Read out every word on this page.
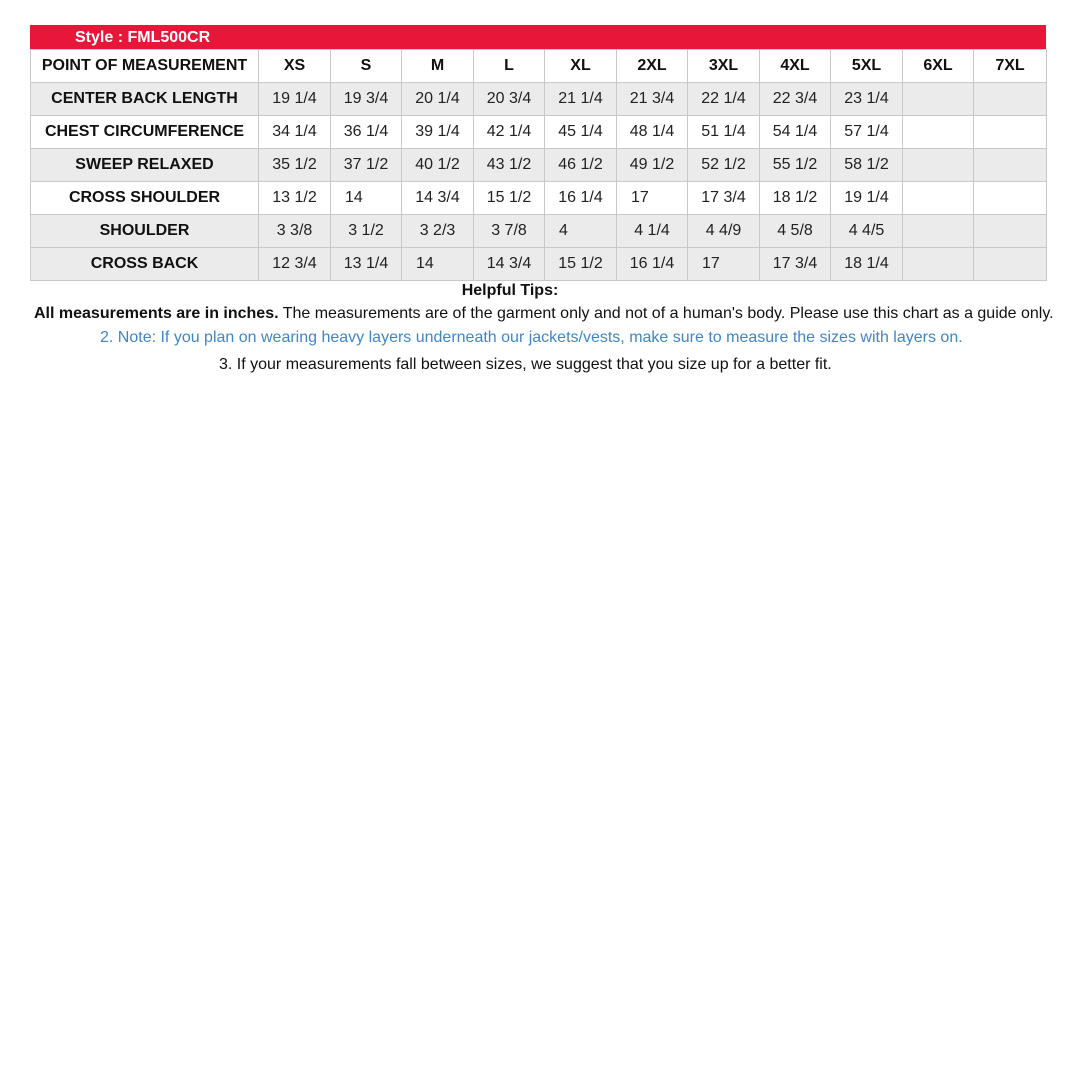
Style : FML500CR
POINT OF MEASUREMENT	XS	S	M	L	XL	2XL	3XL	4XL	5XL	6XL	7XL
CENTER BACK LENGTH	19 1/4	19 3/4	20 1/4	20 3/4	21 1/4	21 3/4	22 1/4	22 3/4	23 1/4		
CHEST CIRCUMFERENCE	34 1/4	36 1/4	39 1/4	42 1/4	45 1/4	48 1/4	51 1/4	54 1/4	57 1/4		
SWEEP RELAXED	35 1/2	37 1/2	40 1/2	43 1/2	46 1/2	49 1/2	52 1/2	55 1/2	58 1/2		
CROSS SHOULDER	13 1/2	14	14 3/4	15 1/2	16 1/4	17	17 3/4	18 1/2	19 1/4		
SHOULDER	3 3/8	3 1/2	3 2/3	3 7/8	4	4 1/4	4 4/9	4 5/8	4 4/5		
CROSS BACK	12 3/4	13 1/4	14	14 3/4	15 1/2	16 1/4	17	17 3/4	18 1/4		
Helpful Tips:
All measurements are in inches. The measurements are of the garment only and not of a human's body. Please use this chart as a guide only.
2. Note: If you plan on wearing heavy layers underneath our jackets/vests, make sure to measure the sizes with layers on.
3. If your measurements fall between sizes, we suggest that you size up for a better fit.
